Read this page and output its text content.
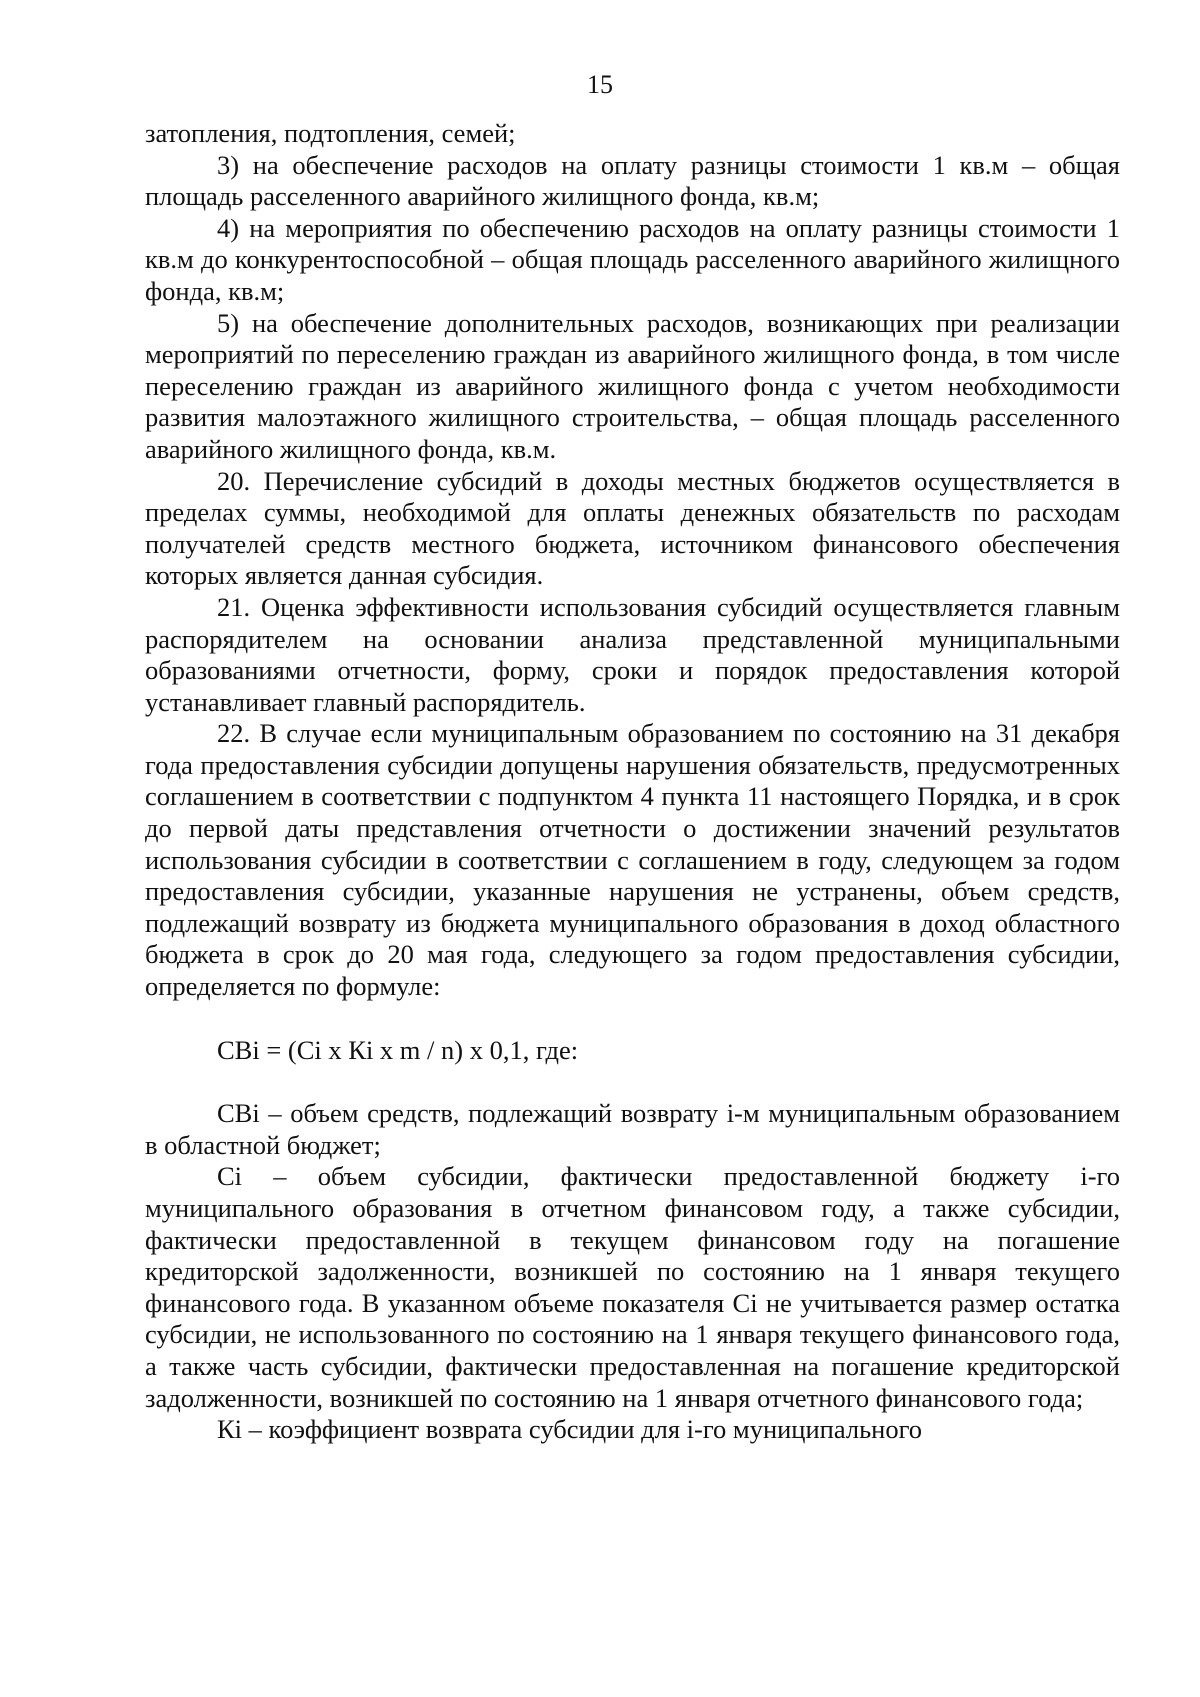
15

затопления, подтопления, семей;

3) на обеспечение расходов на оплату разницы стоимости 1 кв.м – общая площадь расселенного аварийного жилищного фонда, кв.м;

4) на мероприятия по обеспечению расходов на оплату разницы стоимости 1 кв.м до конкурентоспособной – общая площадь расселенного аварийного жилищного фонда, кв.м;

5) на обеспечение дополнительных расходов, возникающих при реализации мероприятий по переселению граждан из аварийного жилищного фонда, в том числе переселению граждан из аварийного жилищного фонда с учетом необходимости развития малоэтажного жилищного строительства, – общая площадь расселенного аварийного жилищного фонда, кв.м.

20. Перечисление субсидий в доходы местных бюджетов осуществляется в пределах суммы, необходимой для оплаты денежных обязательств по расходам получателей средств местного бюджета, источником финансового обеспечения которых является данная субсидия.

21. Оценка эффективности использования субсидий осуществляется главным распорядителем на основании анализа представленной муниципальными образованиями отчетности, форму, сроки и порядок предоставления которой устанавливает главный распорядитель.

22. В случае если муниципальным образованием по состоянию на 31 декабря года предоставления субсидии допущены нарушения обязательств, предусмотренных соглашением в соответствии с подпунктом 4 пункта 11 настоящего Порядка, и в срок до первой даты представления отчетности о достижении значений результатов использования субсидии в соответствии с соглашением в году, следующем за годом предоставления субсидии, указанные нарушения не устранены, объем средств, подлежащий возврату из бюджета муниципального образования в доход областного бюджета в срок до 20 мая года, следующего за годом предоставления субсидии, определяется по формуле:

СВi = (Сi х Кi х m / n) х 0,1, где:

СВi – объем средств, подлежащий возврату i-м муниципальным образованием в областной бюджет;

Сi – объем субсидии, фактически предоставленной бюджету i-го муниципального образования в отчетном финансовом году, а также субсидии, фактически предоставленной в текущем финансовом году на погашение кредиторской задолженности, возникшей по состоянию на 1 января текущего финансового года. В указанном объеме показателя Сi не учитывается размер остатка субсидии, не использованного по состоянию на 1 января текущего финансового года, а также часть субсидии, фактически предоставленная на погашение кредиторской задолженности, возникшей по состоянию на 1 января отчетного финансового года;

Кi – коэффициент возврата субсидии для i-го муниципального
